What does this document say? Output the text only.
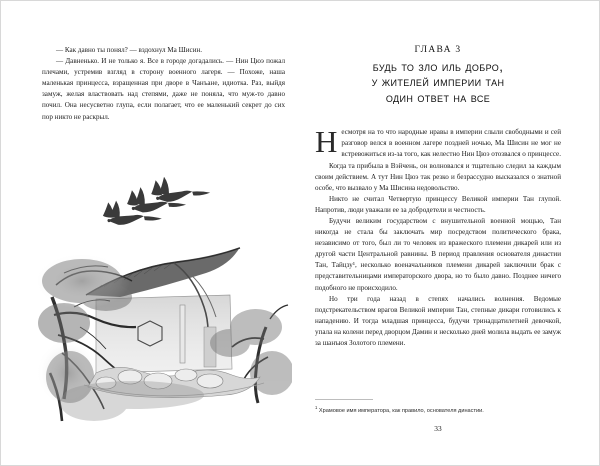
— Как давно ты понял? — вздохнул Ма Шисин.

— Давненько. И не только я. Все в городе догадались. — Нин Цюэ пожал плечами, устремив взгляд в сторону военного лагеря. — Похоже, наша маленькая принцесса, взращенная при дворе в Чанъане, идиотка. Раз, выйдя замуж, желая властвовать над степями, даже не поняла, что муж-то давно почил. Она несусветно глупа, если полагает, что ее маленький секрет до сих пор никто не раскрыл.

ГЛАВА 3
будь то зло иль добро,
у жителей империи тан
один ответ на все

Несмотря на то что народные нравы в империи слыли свободными и сей разговор велся в военном лагере поздней ночью, Ма Шисин не мог не встревожиться из-за того, как нелестно Нин Цюэ отозвался о принцессе.

Когда та прибыла в Вэйчень, он волновался и тщательно следил за каждым своим действием. А тут Нин Цюэ так резко и безрассудно высказался о знатной особе, что вызвало у Ма Шисина недовольство.

Никто не считал Четвертую принцессу Великой империи Тан глупой. Напротив, люди уважали ее за добродетели и честность.

Будучи великим государством с внушительной военной мощью, Тан никогда не стала бы заключать мир посредством политического брака, независимо от того, был ли то человек из вражеского племени дикарей или из другой части Центральной равнины. В период правления основателя династии Тан, Тайцзу¹, несколько военачальников племени дикарей заключили брак с представительницами императорского двора, но то было давно. Позднее ничего подобного не происходило.

Но три года назад в степях начались волнения. Ведомые подстрекательством врагов Великой империи Тан, степные дикари готовились к нападению. И тогда младшая принцесса, будучи тринадцатилетней девочкой, упала на колени перед дворцом Дамин и несколько дней молила выдать ее замуж за шанъюя Золотого племени.

$^1$ Храмовое имя императора, как правило, основателя династии.
33
